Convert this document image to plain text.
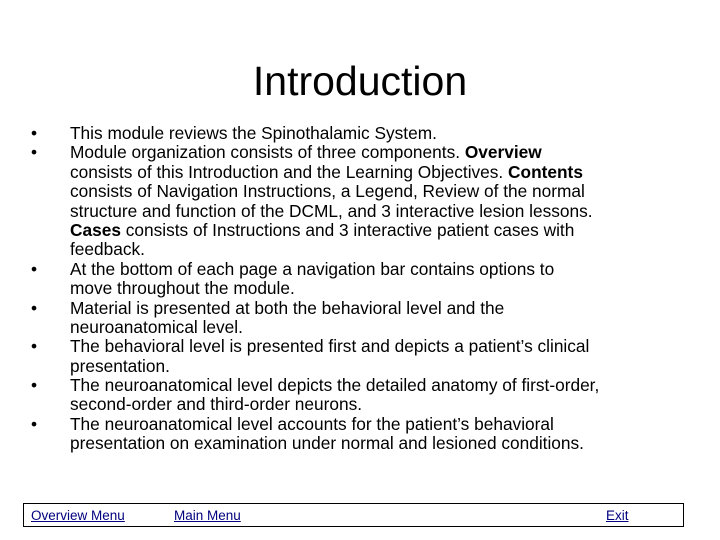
Introduction
• This module reviews the Spinothalamic System.
• Module organization consists of three components. Overview
consists of this Introduction and the Learning Objectives. Contents
consists of Navigation Instructions, a Legend, Review of the normal
structure and function of the DCML, and 3 interactive lesion lessons.
Cases consists of Instructions and 3 interactive patient cases with
feedback.
• At the bottom of each page a navigation bar contains options to
move throughout the module.
• Material is presented at both the behavioral level and the
neuroanatomical level.
• The behavioral level is presented first and depicts a patient’s clinical
presentation.
• The neuroanatomical level depicts the detailed anatomy of first-order,
second-order and third-order neurons.
• The neuroanatomical level accounts for the patient’s behavioral
presentation on examination under normal and lesioned conditions.
Overview Menu	Main Menu	Exit
